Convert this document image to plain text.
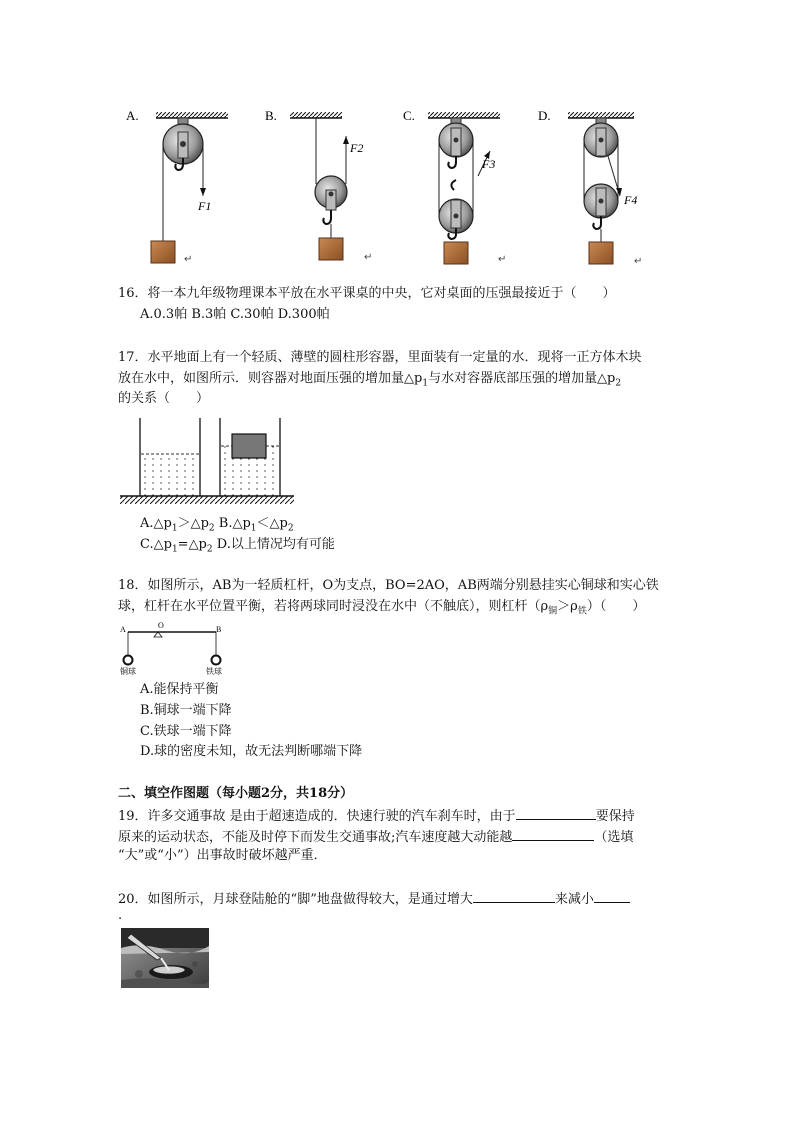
A.	B.	C.	D.
F1
↵
F2
↵
F3
↵
F4
↵
16．将一本九年级物理课本平放在水平课桌的中央，它对桌面的压强最接近于（　　）
A.0.3帕 B.3帕 C.30帕 D.300帕
17．水平地面上有一个轻质、薄壁的圆柱形容器，里面装有一定量的水．现将一正方体木块
放在水中，如图所示．则容器对地面压强的增加量$\triangle p_1$与水对容器底部压强的增加量$\triangle p_2$
的关系（　　）
$A.\triangle p_1>\triangle p_2$ $B.\triangle p_1<\triangle p_2$
$C.\triangle p_1=\triangle p_2$ D.以上情况均有可能
18．如图所示，AB为一轻质杠杆，O为支点，BO=2AO，AB两端分别悬挂实心铜球和实心铁
球，杠杆在水平位置平衡，若将两球同时浸没在水中（不触底），则杠杆$(\rho_铜>\rho_铁)$（　　）
A	O	B
铜球	铁球
A.能保持平衡
B.铜球一端下降
C.铁球一端下降
D.球的密度未知，故无法判断哪端下降
二、填空作图题（每小题2分，共18分）
19．许多交通事故 是由于超速造成的．快速行驶的汽车刹车时，由于	要保持
原来的运动状态，不能及时停下而发生交通事故;汽车速度越大动能越	（选填
“大”或“小”）出事故时破坏越严重．
20．如图所示，月球登陆舱的“脚”地盘做得较大，是通过增大	来减小
.
